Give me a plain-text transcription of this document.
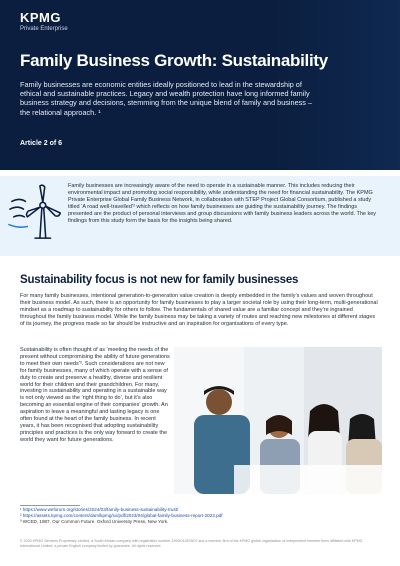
KPMG
Private Enterprise
Family Business Growth: Sustainability
Family businesses are economic entities ideally positioned to lead in the stewardship of ethical and sustainable practices. Legacy and wealth protection have long informed family business strategy and decisions, stemming from the unique blend of family and business – the relational approach. ¹
Article 2 of 6
Family businesses are increasingly aware of the need to operate in a sustainable manner. This includes reducing their environmental impact and promoting social responsibility, while understanding the need for financial sustainability. The KPMG Private Enterprise Global Family Business Network, in collaboration with STEP Project Global Consortium, published a study titled ‘A road well-travelled’² which reflects on how family businesses are guiding the sustainability journey. The findings presented are the product of personal interviews and group discussions with family business leaders across the world. The key findings from this study form the basis for the insights being shared.
Sustainability focus is not new for family businesses
For many family businesses, intentional generation-to-generation value creation is deeply embedded in the family’s values and woven throughout their business model. As such, there is an opportunity for family businesses to play a larger societal role by using their long-term, multi-generational mindset as a roadmap to sustainability for others to follow. The fundamentals of shared value are a familiar concept and they’re ingrained throughout the family business model. While the family business may be taking a variety of routes and reaching new milestones at different stages of its journey, the progress made so far should be instructive and an inspiration for organisations of every type.
Sustainability is often thought of as ‘meeting the needs of the present without compromising the ability of future generations to meet their own needs’³. Such considerations are not new for family businesses, many of which operate with a sense of duty to create and preserve a healthy, diverse and resilient world for their children and their grandchildren. For many, investing in sustainability and operating in a sustainable way is not only viewed as the ‘right thing to do’, but it’s also becoming an essential engine of their companies’ growth. An aspiration to leave a meaningful and lasting legacy is one often found at the heart of the family business. In recent years, it has been recognised that adopting sustainability principles and practices is the only way forward to create the world they want for future generations.
¹ https://www.weforum.org/stories/2024/03/family-business-sustainability-trust/
² https://assets.kpmg.com/content/dam/kpmg/xx/pdf/2023/04/global-family-business-report-2023.pdf
³ WCED, 1987. Our Common Future. Oxford University Press, New York.
© 2025 KPMG Services Proprietary Limited, a South African company with registration number 1999/012876/07 and a member firm of the KPMG global organisation of independent member firms affiliated with KPMG International Limited, a private English company limited by guarantee. All rights reserved.
